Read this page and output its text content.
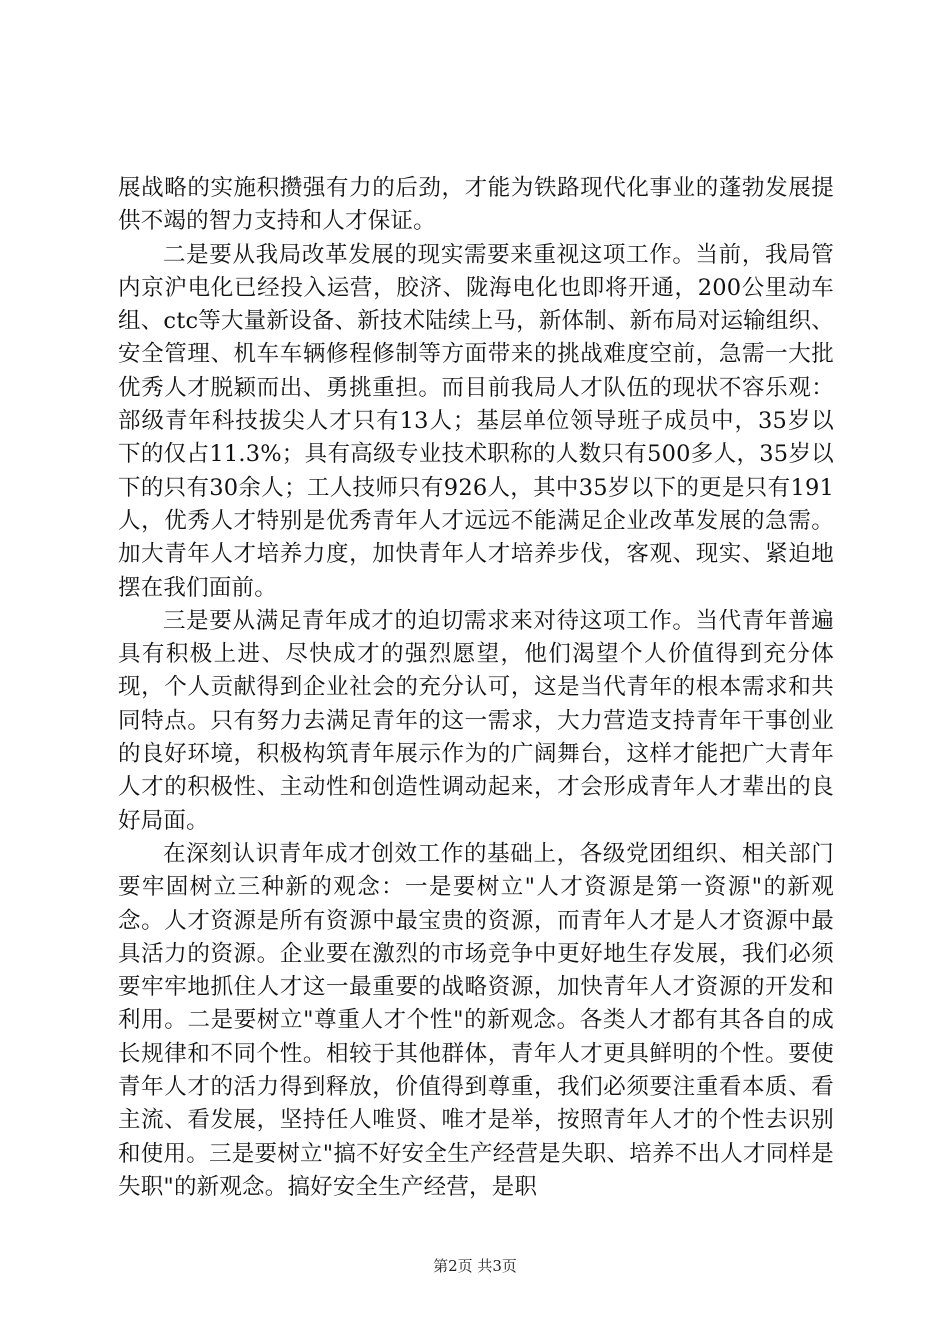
展战略的实施积攒强有力的后劲，才能为铁路现代化事业的蓬勃发展提供不竭的智力支持和人才保证。

二是要从我局改革发展的现实需要来重视这项工作。当前，我局管内京沪电化已经投入运营，胶济、陇海电化也即将开通，200公里动车组、ctc等大量新设备、新技术陆续上马，新体制、新布局对运输组织、安全管理、机车车辆修程修制等方面带来的挑战难度空前，急需一大批优秀人才脱颖而出、勇挑重担。而目前我局人才队伍的现状不容乐观：部级青年科技拔尖人才只有13人；基层单位领导班子成员中，35岁以下的仅占11.3%；具有高级专业技术职称的人数只有500多人，35岁以下的只有30余人；工人技师只有926人，其中35岁以下的更是只有191人，优秀人才特别是优秀青年人才远远不能满足企业改革发展的急需。加大青年人才培养力度，加快青年人才培养步伐，客观、现实、紧迫地摆在我们面前。

三是要从满足青年成才的迫切需求来对待这项工作。当代青年普遍具有积极上进、尽快成才的强烈愿望，他们渴望个人价值得到充分体现，个人贡献得到企业社会的充分认可，这是当代青年的根本需求和共同特点。只有努力去满足青年的这一需求，大力营造支持青年干事创业的良好环境，积极构筑青年展示作为的广阔舞台，这样才能把广大青年人才的积极性、主动性和创造性调动起来，才会形成青年人才辈出的良好局面。

在深刻认识青年成才创效工作的基础上，各级党团组织、相关部门要牢固树立三种新的观念：一是要树立"人才资源是第一资源"的新观念。人才资源是所有资源中最宝贵的资源，而青年人才是人才资源中最具活力的资源。企业要在激烈的市场竞争中更好地生存发展，我们必须要牢牢地抓住人才这一最重要的战略资源，加快青年人才资源的开发和利用。二是要树立"尊重人才个性"的新观念。各类人才都有其各自的成长规律和不同个性。相较于其他群体，青年人才更具鲜明的个性。要使青年人才的活力得到释放，价值得到尊重，我们必须要注重看本质、看主流、看发展，坚持任人唯贤、唯才是举，按照青年人才的个性去识别和使用。三是要树立"搞不好安全生产经营是失职、培养不出人才同样是失职"的新观念。搞好安全生产经营，是职

第2页 共3页
